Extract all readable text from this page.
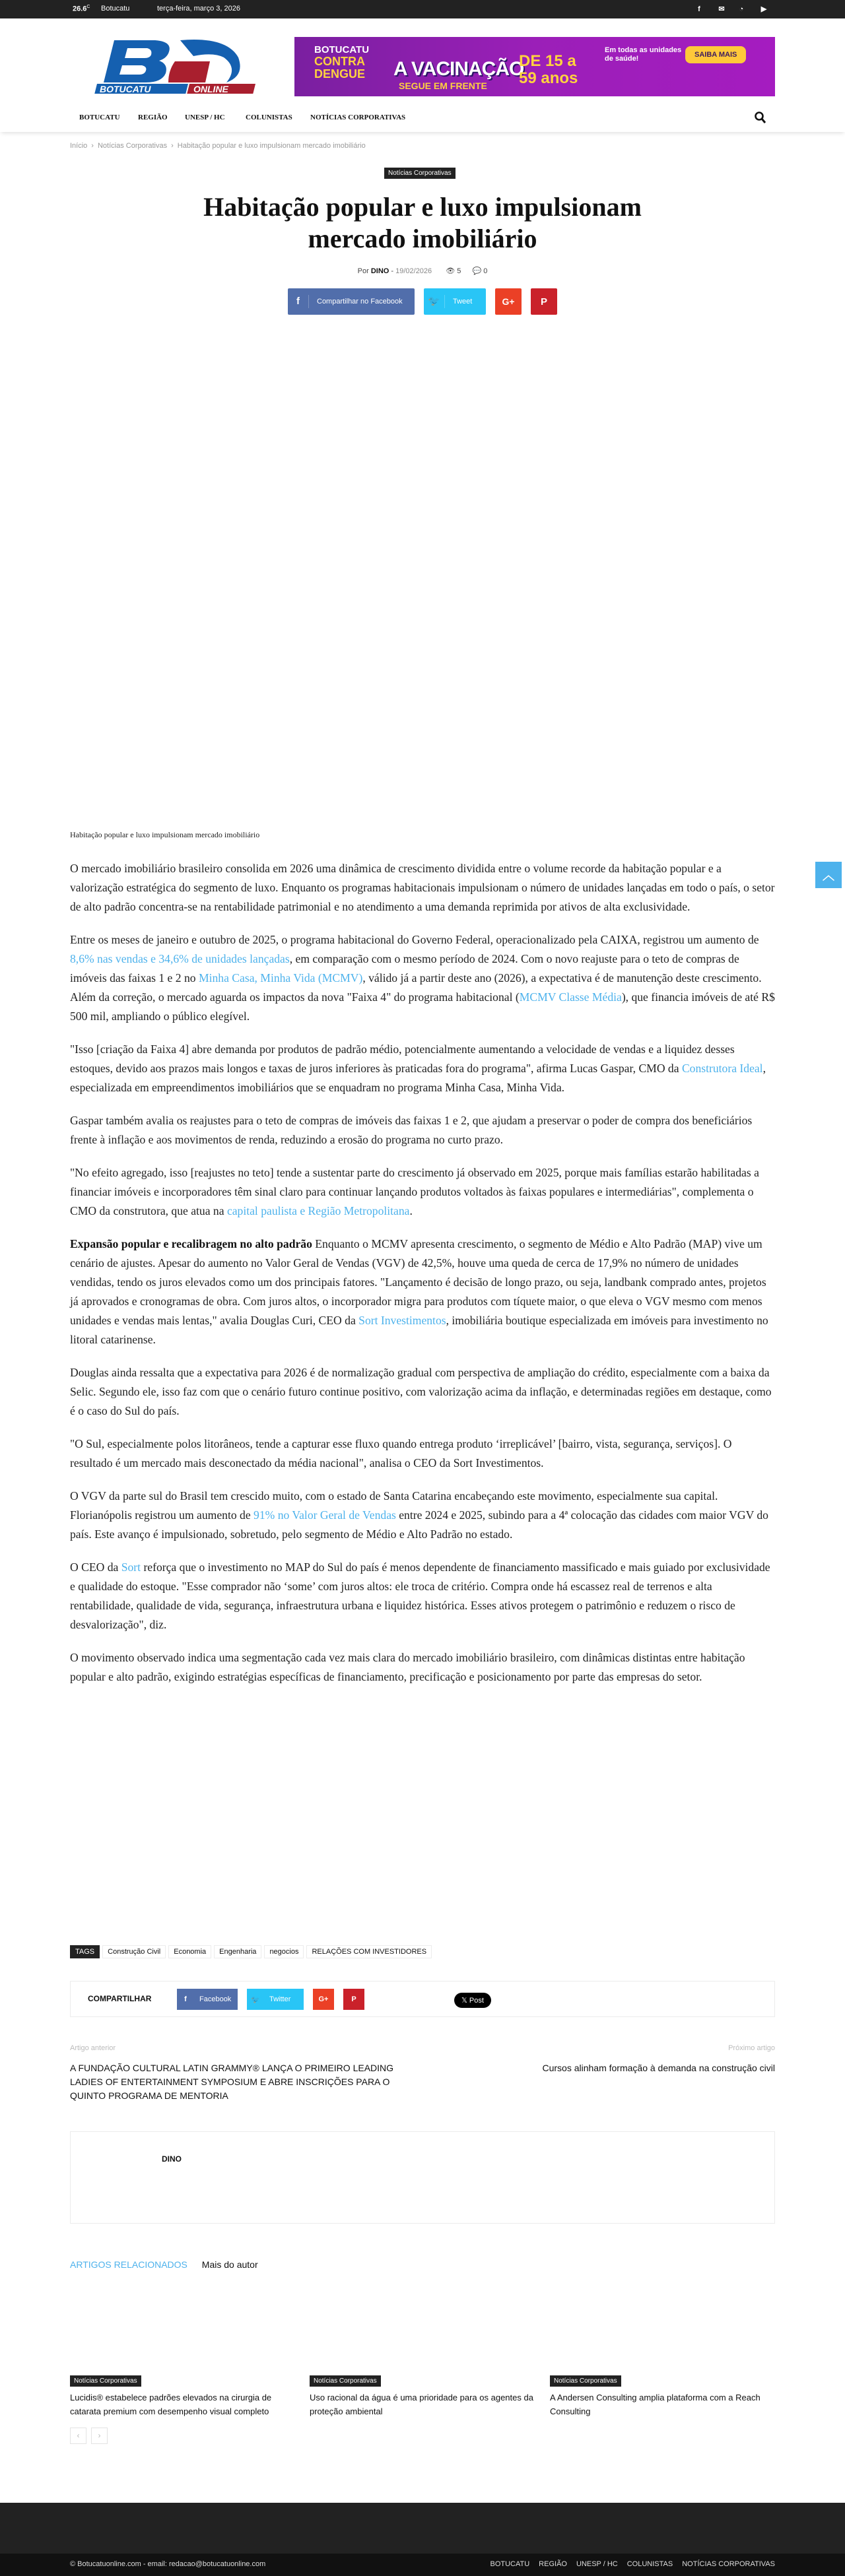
$26.6^C$ Botucatu	terça-feira, março 3, 2026	f	✉	◔	▶
BOTUCATU	ONLINE
BOTUCATU
CONTRA DENGUE	A VACINAÇÃO
SEGUE EM FRENTE
DE 15 a 59 anos
Em todas as unidades de saúde!	SAIBA MAIS
BOTUCATU REGIÃO UNESP / HC	COLUNISTAS NOTÍCIAS CORPORATIVAS
Início › Notícias Corporativas › Habitação popular e luxo impulsionam mercado imobiliário
Notícias Corporativas
Habitação popular e luxo impulsionam mercado imobiliário
Por DINO - 19/02/2026 👁 5 💬 0
f	Compartilhar no Facebook	🐦	Tweet	G+	P
Habitação popular e luxo impulsionam mercado imobiliário

O mercado imobiliário brasileiro consolida em 2026 uma dinâmica de crescimento dividida entre o volume recorde da habitação popular e a valorização estratégica do segmento de luxo. Enquanto os programas habitacionais impulsionam o número de unidades lançadas em todo o país, o setor de alto padrão concentra-se na rentabilidade patrimonial e no atendimento a uma demanda reprimida por ativos de alta exclusividade.

Entre os meses de janeiro e outubro de 2025, o programa habitacional do Governo Federal, operacionalizado pela CAIXA, registrou um aumento de 8,6% nas vendas e 34,6% de unidades lançadas, em comparação com o mesmo período de 2024. Com o novo reajuste para o teto de compras de imóveis das faixas 1 e 2 no Minha Casa, Minha Vida (MCMV), válido já a partir deste ano (2026), a expectativa é de manutenção deste crescimento. Além da correção, o mercado aguarda os impactos da nova "Faixa 4" do programa habitacional (MCMV Classe Média), que financia imóveis de até R$ 500 mil, ampliando o público elegível.

"Isso [criação da Faixa 4] abre demanda por produtos de padrão médio, potencialmente aumentando a velocidade de vendas e a liquidez desses estoques, devido aos prazos mais longos e taxas de juros inferiores às praticadas fora do programa", afirma Lucas Gaspar, CMO da Construtora Ideal, especializada em empreendimentos imobiliários que se enquadram no programa Minha Casa, Minha Vida.

Gaspar também avalia os reajustes para o teto de compras de imóveis das faixas 1 e 2, que ajudam a preservar o poder de compra dos beneficiários frente à inflação e aos movimentos de renda, reduzindo a erosão do programa no curto prazo.

"No efeito agregado, isso [reajustes no teto] tende a sustentar parte do crescimento já observado em 2025, porque mais famílias estarão habilitadas a financiar imóveis e incorporadores têm sinal claro para continuar lançando produtos voltados às faixas populares e intermediárias", complementa o CMO da construtora, que atua na capital paulista e Região Metropolitana.

Expansão popular e recalibragem no alto padrão Enquanto o MCMV apresenta crescimento, o segmento de Médio e Alto Padrão (MAP) vive um cenário de ajustes. Apesar do aumento no Valor Geral de Vendas (VGV) de 42,5%, houve uma queda de cerca de 17,9% no número de unidades vendidas, tendo os juros elevados como um dos principais fatores. "Lançamento é decisão de longo prazo, ou seja, landbank comprado antes, projetos já aprovados e cronogramas de obra. Com juros altos, o incorporador migra para produtos com tíquete maior, o que eleva o VGV mesmo com menos unidades e vendas mais lentas," avalia Douglas Curi, CEO da Sort Investimentos, imobiliária boutique especializada em imóveis para investimento no litoral catarinense.

Douglas ainda ressalta que a expectativa para 2026 é de normalização gradual com perspectiva de ampliação do crédito, especialmente com a baixa da Selic. Segundo ele, isso faz com que o cenário futuro continue positivo, com valorização acima da inflação, e determinadas regiões em destaque, como é o caso do Sul do país.

"O Sul, especialmente polos litorâneos, tende a capturar esse fluxo quando entrega produto ‘irreplicável’ [bairro, vista, segurança, serviços]. O resultado é um mercado mais desconectado da média nacional", analisa o CEO da Sort Investimentos.

O VGV da parte sul do Brasil tem crescido muito, com o estado de Santa Catarina encabeçando este movimento, especialmente sua capital. Florianópolis registrou um aumento de 91% no Valor Geral de Vendas entre 2024 e 2025, subindo para a 4ª colocação das cidades com maior VGV do país. Este avanço é impulsionado, sobretudo, pelo segmento de Médio e Alto Padrão no estado.

O CEO da Sort reforça que o investimento no MAP do Sul do país é menos dependente de financiamento massificado e mais guiado por exclusividade e qualidade do estoque. "Esse comprador não ‘some’ com juros altos: ele troca de critério. Compra onde há escassez real de terrenos e alta rentabilidade, qualidade de vida, segurança, infraestrutura urbana e liquidez histórica. Esses ativos protegem o patrimônio e reduzem o risco de desvalorização", diz.

O movimento observado indica uma segmentação cada vez mais clara do mercado imobiliário brasileiro, com dinâmicas distintas entre habitação popular e alto padrão, exigindo estratégias específicas de financiamento, precificação e posicionamento por parte das empresas do setor.

︿
TAGS	Construção Civil	Economia	Engenharia	negocios	RELAÇÕES COM INVESTIDORES
COMPARTILHAR	f	Facebook	🐦	Twitter	G+	P	𝕏 Post
Artigo anterior
A FUNDAÇÃO CULTURAL LATIN GRAMMY® LANÇA O PRIMEIRO LEADING LADIES OF ENTERTAINMENT SYMPOSIUM E ABRE INSCRIÇÕES PARA O QUINTO PROGRAMA DE MENTORIA
Próximo artigo
Cursos alinham formação à demanda na construção civil
DINO
ARTIGOS RELACIONADOS Mais do autor
Notícias Corporativas
Lucidis® estabelece padrões elevados na cirurgia de catarata premium com desempenho visual completo
Notícias Corporativas
Uso racional da água é uma prioridade para os agentes da proteção ambiental
Notícias Corporativas
A Andersen Consulting amplia plataforma com a Reach Consulting
‹	›
© Botucatuonline.com - email: redacao@botucatuonline.com	BOTUCATU REGIÃO UNESP / HC COLUNISTAS NOTÍCIAS CORPORATIVAS
